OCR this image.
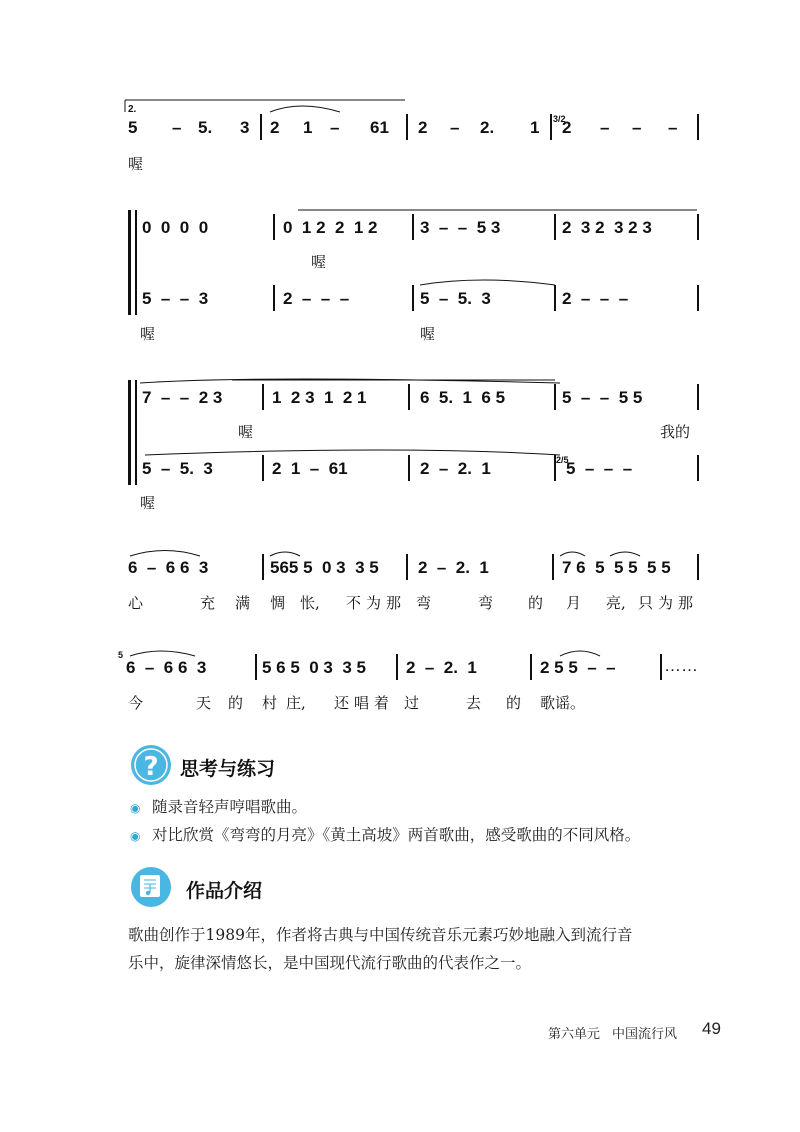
2.
5 – 5. 3 2 1 – 61 2 – 2. 1 3/2
2 – – –
喔
0  0  0  0	0  1 2  2  1 2 3  –  –  5 3	2  3 2  3 2 3
喔
5  –  –  3	2  –  –  –	5  –  5.  3	2  –  –  –
喔	喔
7  –  –  2 3	1  2 3  1  2 1	6  5.  1  6 5	5  –  –  5 5
喔	我的
5  –  5.  3	2  1  –  61	2  –  2.  1	2/5
5  –  –  –
喔
6  –  6 6  3	565 5  0 3  3 5 2  –  2.  1	7 6  5  5 5  5 5
心	充 满 惆 怅, 不 为 那 弯	弯 的 月 亮, 只 为 那
5
6  –  6 6  3	5 6 5  0 3  3 5 2  –  2.  1	2 5 5  –  –	……
今	天 的 村 庄, 还 唱 着 过	去 的 歌谣。
? 思考与练习
◉ 随录音轻声哼唱歌曲。
◉ 对比欣赏《弯弯的月亮》《黄土高坡》两首歌曲，感受歌曲的不同风格。
作品介绍
歌曲创作于1989年，作者将古典与中国传统音乐元素巧妙地融入到流行音
乐中，旋律深情悠长，是中国现代流行歌曲的代表作之一。
第六单元 中国流行风 49
